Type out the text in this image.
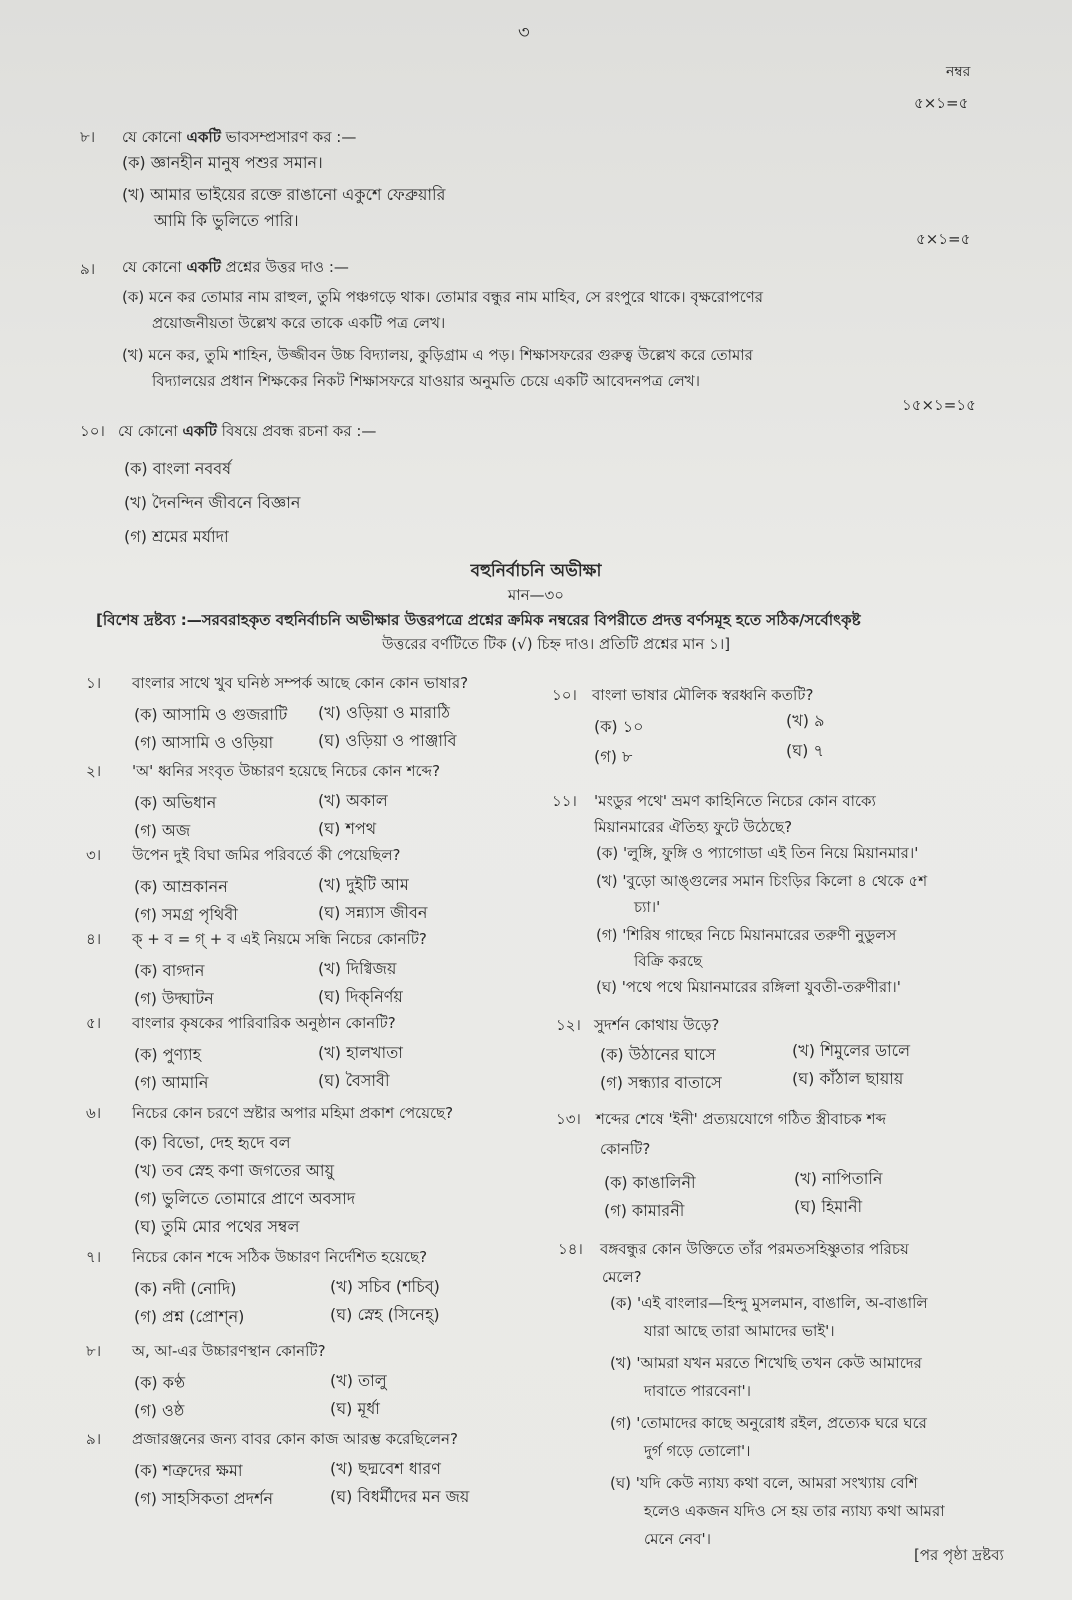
৩
নম্বর
৫×১=৫
৮। যে কোনো একটি ভাবসম্প্রসারণ কর :—
(ক) জ্ঞানহীন মানুষ পশুর সমান।
(খ) আমার ভাইয়ের রক্তে রাঙানো একুশে ফেব্রুয়ারি
আমি কি ভুলিতে পারি।
৫×১=৫
৯। যে কোনো একটি প্রশ্নের উত্তর দাও :—
(ক) মনে কর তোমার নাম রাহুল, তুমি পঞ্চগড়ে থাক। তোমার বন্ধুর নাম মাহিব, সে রংপুরে থাকে। বৃক্ষরোপণের
প্রয়োজনীয়তা উল্লেখ করে তাকে একটি পত্র লেখ।
(খ) মনে কর, তুমি শাহিন, উজ্জীবন উচ্চ বিদ্যালয়, কুড়িগ্রাম এ পড়। শিক্ষাসফরের গুরুত্ব উল্লেখ করে তোমার
বিদ্যালয়ের প্রধান শিক্ষকের নিকট শিক্ষাসফরে যাওয়ার অনুমতি চেয়ে একটি আবেদনপত্র লেখ।
১৫×১=১৫
১০। যে কোনো একটি বিষয়ে প্রবন্ধ রচনা কর :—
(ক) বাংলা নববর্ষ
(খ) দৈনন্দিন জীবনে বিজ্ঞান
(গ) শ্রমের মর্যাদা
বহুনির্বাচনি অভীক্ষা
মান—৩০
[বিশেষ দ্রষ্টব্য :—সরবরাহকৃত বহুনির্বাচনি অভীক্ষার উত্তরপত্রে প্রশ্নের ক্রমিক নম্বরের বিপরীতে প্রদত্ত বর্ণসমূহ হতে সঠিক/সর্বোৎকৃষ্ট
উত্তরের বর্ণটিতে টিক (√) চিহ্ন দাও। প্রতিটি প্রশ্নের মান ১।]
১। বাংলার সাথে খুব ঘনিষ্ঠ সম্পর্ক আছে কোন কোন ভাষার?
(ক) আসামি ও গুজরাটি (খ) ওড়িয়া ও মারাঠি
(গ) আসামি ও ওড়িয়া	(ঘ) ওড়িয়া ও পাঞ্জাবি
২। 'অ' ধ্বনির সংবৃত উচ্চারণ হয়েছে নিচের কোন শব্দে?
(ক) অভিধান	(খ) অকাল
(গ) অজ	(ঘ) শপথ
৩। উপেন দুই বিঘা জমির পরিবর্তে কী পেয়েছিল?
(ক) আম্রকানন	(খ) দুইটি আম
(গ) সমগ্র পৃথিবী	(ঘ) সন্ন্যাস জীবন
৪। ক্ + ব = গ্ + ব এই নিয়মে সন্ধি নিচের কোনটি?
(ক) বাগ্দান	(খ) দিগ্বিজয়
(গ) উদ্ঘাটন	(ঘ) দিক্‌নির্ণয়
৫। বাংলার কৃষকের পারিবারিক অনুষ্ঠান কোনটি?
(ক) পুণ্যাহ	(খ) হালখাতা
(গ) আমানি	(ঘ) বৈসাবী
৬। নিচের কোন চরণে স্রষ্টার অপার মহিমা প্রকাশ পেয়েছে?
(ক) বিভো, দেহ হৃদে বল
(খ) তব স্নেহ কণা জগতের আয়ু
(গ) ভুলিতে তোমারে প্রাণে অবসাদ
(ঘ) তুমি মোর পথের সম্বল
৭। নিচের কোন শব্দে সঠিক উচ্চারণ নির্দেশিত হয়েছে?
(ক) নদী (নোদি)	(খ) সচিব (শচিব্)
(গ) প্রশ্ন (প্রোশ্‌ন)	(ঘ) স্নেহ (সিনেহ্)
৮। অ, আ-এর উচ্চারণস্থান কোনটি?
(ক) কণ্ঠ	(খ) তালু
(গ) ওষ্ঠ	(ঘ) মূর্ধা
৯। প্রজারঞ্জনের জন্য বাবর কোন কাজ আরম্ভ করেছিলেন?
(ক) শত্রুদের ক্ষমা	(খ) ছদ্মবেশ ধারণ
(গ) সাহসিকতা প্রদর্শন	(ঘ) বিধর্মীদের মন জয়
১০। বাংলা ভাষার মৌলিক স্বরধ্বনি কতটি?
(ক) ১০	(খ) ৯
(গ) ৮	(ঘ) ৭
১১। 'মংডুর পথে' ভ্রমণ কাহিনিতে নিচের কোন বাক্যে
মিয়ানমারের ঐতিহ্য ফুটে উঠেছে?
(ক) 'লুঙ্গি, ফুঙ্গি ও প্যাগোডা এই তিন নিয়ে মিয়ানমার।'
(খ) 'বুড়ো আঙ্গুলের সমান চিংড়ির কিলো ৪ থেকে ৫শ
চ্যা।'
(গ) 'শিরিষ গাছের নিচে মিয়ানমারের তরুণী নুডুলস
বিক্রি করছে
(ঘ) 'পথে পথে মিয়ানমারের রঙ্গিলা যুবতী-তরুণীরা।'
১২। সুদর্শন কোথায় উড়ে?
(ক) উঠানের ঘাসে	(খ) শিমুলের ডালে
(গ) সন্ধ্যার বাতাসে	(ঘ) কাঁঠাল ছায়ায়
১৩। শব্দের শেষে 'ইনী' প্রত্যয়যোগে গঠিত স্ত্রীবাচক শব্দ
কোনটি?
(ক) কাঙালিনী	(খ) নাপিতানি
(গ) কামারনী	(ঘ) হিমানী
১৪। বঙ্গবন্ধুর কোন উক্তিতে তাঁর পরমতসহিষ্ণুতার পরিচয়
মেলে?
(ক) 'এই বাংলার—হিন্দু মুসলমান, বাঙালি, অ-বাঙালি
যারা আছে তারা আমাদের ভাই'।
(খ) 'আমরা যখন মরতে শিখেছি তখন কেউ আমাদের
দাবাতে পারবেনা'।
(গ) 'তোমাদের কাছে অনুরোধ রইল, প্রত্যেক ঘরে ঘরে
দুর্গ গড়ে তোলো'।
(ঘ) 'যদি কেউ ন্যায্য কথা বলে, আমরা সংখ্যায় বেশি
হলেও একজন যদিও সে হয় তার ন্যায্য কথা আমরা
মেনে নেব'।
[পর পৃষ্ঠা দ্রষ্টব্য
